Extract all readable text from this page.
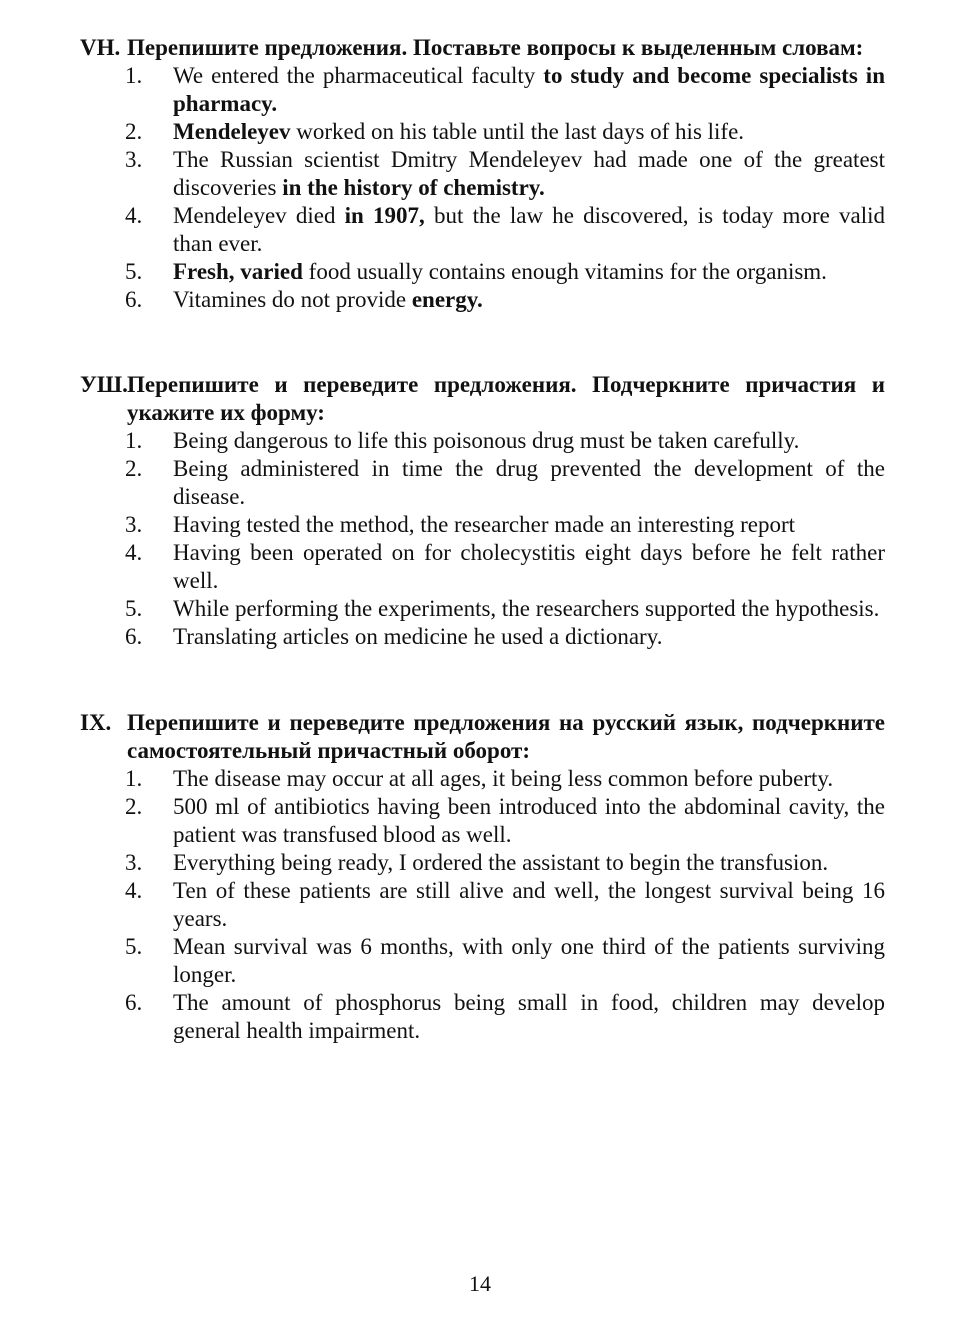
VH. Перепишите предложения. Поставьте вопросы к выделенным словам:
1. We entered the pharmaceutical faculty to study and become specialists in pharmacy.
2. Mendeleyev worked on his table until the last days of his life.
3. The Russian scientist Dmitry Mendeleyev had made one of the greatest discoveries in the history of chemistry.
4. Mendeleyev died in 1907, but the law he discovered, is today more valid than ever.
5. Fresh, varied food usually contains enough vitamins for the organism.
6. Vitamines do not provide energy.
УШ. Перепишите и переведите предложения. Подчеркните причастия и укажите их форму:
1. Being dangerous to life this poisonous drug must be taken carefully.
2. Being administered in time the drug prevented the development of the disease.
3. Having tested the method, the researcher made an interesting report
4. Having been operated on for cholecystitis eight days before he felt rather well.
5. While performing the experiments, the researchers supported the hypothesis.
6. Translating articles on medicine he used a dictionary.
IX. Перепишите и переведите предложения на русский язык, подчеркните самостоятельный причастный оборот:
1. The disease may occur at all ages, it being less common before puberty.
2. 500 ml of antibiotics having been introduced into the abdominal cavity, the patient was transfused blood as well.
3. Everything being ready, I ordered the assistant to begin the transfusion.
4. Ten of these patients are still alive and well, the longest survival being 16 years.
5. Mean survival was 6 months, with only one third of the patients surviving longer.
6. The amount of phosphorus being small in food, children may develop general health impairment.
14
